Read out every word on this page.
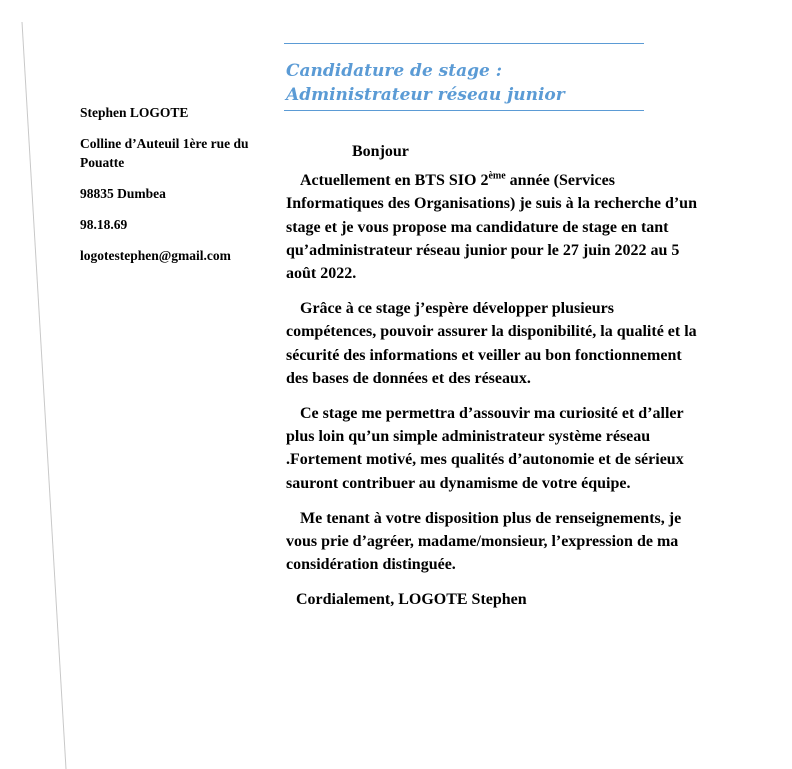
Stephen LOGOTE

Colline d’Auteuil 1ère rue du Pouatte

98835 Dumbea

98.18.69

logotestephen@gmail.com

Candidature de stage :
Administrateur réseau junior

Bonjour

Actuellement en BTS SIO 2ème année (Services Informatiques des Organisations) je suis à la recherche d’un stage et je vous propose ma candidature de stage en tant qu’administrateur réseau junior pour le 27 juin 2022 au 5 août 2022.

Grâce à ce stage j’espère développer plusieurs compétences, pouvoir assurer la disponibilité, la qualité et la sécurité des informations et veiller au bon fonctionnement des bases de données et des réseaux.

Ce stage me permettra d’assouvir ma curiosité et d’aller plus loin qu’un simple administrateur système réseau .Fortement motivé, mes qualités d’autonomie et de sérieux sauront contribuer au dynamisme de votre équipe.

Me tenant à votre disposition plus de renseignements, je vous prie d’agréer, madame/monsieur, l’expression de ma considération distinguée.

Cordialement, LOGOTE Stephen
